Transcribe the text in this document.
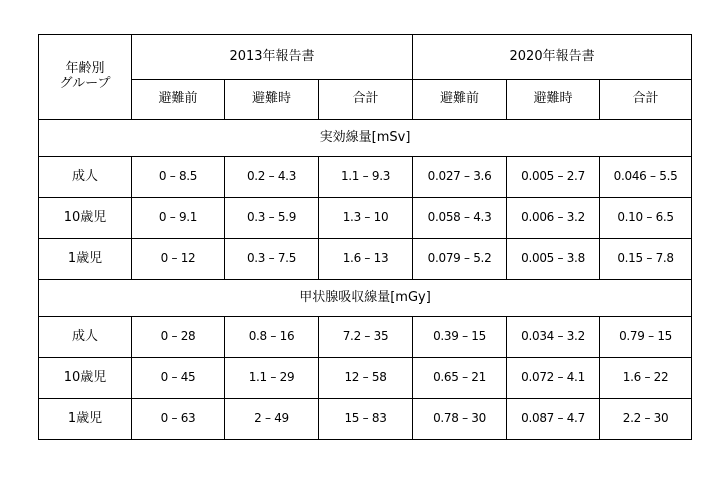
年齢別
グループ	2013年報告書			2020年報告書		
	避難前	避難時	合計	避難前	避難時	合計
実効線量[mSv]						
成人	0 – 8.5	0.2 – 4.3	1.1 – 9.3	0.027 – 3.6	0.005 – 2.7	0.046 – 5.5
10歳児	0 – 9.1	0.3 – 5.9	1.3 – 10	0.058 – 4.3	0.006 – 3.2	0.10 – 6.5
1歳児	0 – 12	0.3 – 7.5	1.6 – 13	0.079 – 5.2	0.005 – 3.8	0.15 – 7.8
甲状腺吸収線量[mGy]						
成人	0 – 28	0.8 – 16	7.2 – 35	0.39 – 15	0.034 – 3.2	0.79 – 15
10歳児	0 – 45	1.1 – 29	12 – 58	0.65 – 21	0.072 – 4.1	1.6 – 22
1歳児	0 – 63	2 – 49	15 – 83	0.78 – 30	0.087 – 4.7	2.2 – 30
